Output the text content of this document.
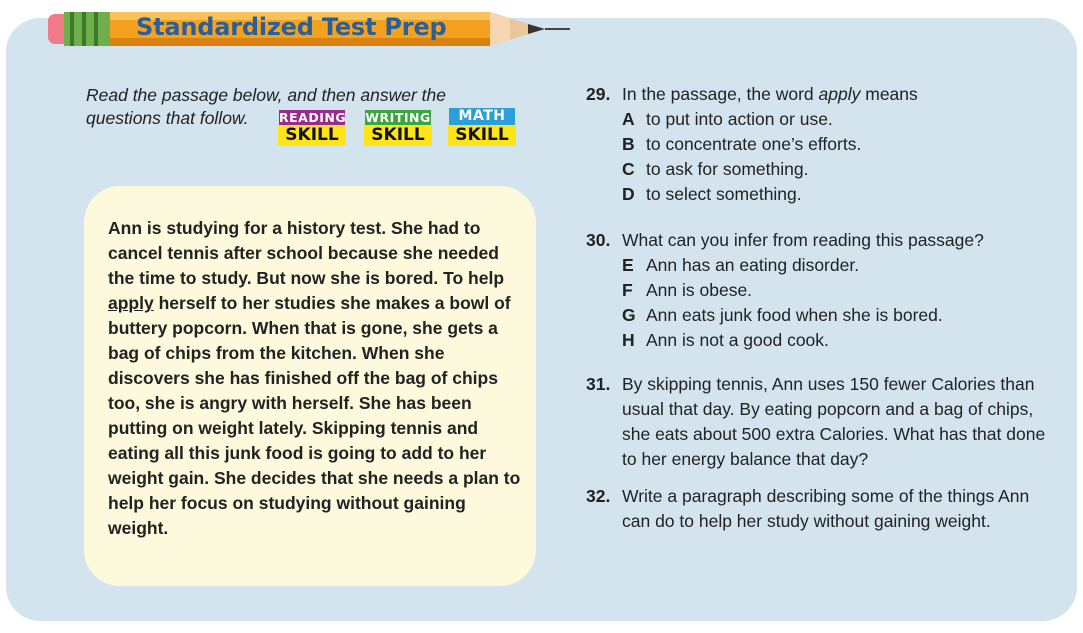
Standardized Test Prep
Read the passage below, and then answer the questions that follow.	READING
SKILL
WRITING
SKILL
MATH
SKILL
Ann is studying for a history test. She had to cancel tennis after school because she needed the time to study. But now she is bored. To help apply herself to her studies she makes a bowl of buttery popcorn. When that is gone, she gets a bag of chips from the kitchen. When she discovers she has finished off the bag of chips too, she is angry with herself. She has been putting on weight lately. Skipping tennis and eating all this junk food is going to add to her weight gain. She decides that she needs a plan to help her focus on studying without gaining weight.
29. In the passage, the word apply means
A to put into action or use.
B to concentrate one’s efforts.
C to ask for something.
D to select something.
30. What can you infer from reading this passage?
E Ann has an eating disorder.
F Ann is obese.
G Ann eats junk food when she is bored.
H Ann is not a good cook.
31. By skipping tennis, Ann uses 150 fewer Calories than usual that day. By eating popcorn and a bag of chips, she eats about 500 extra Calories. What has that done to her energy balance that day?
32. Write a paragraph describing some of the things Ann can do to help her study without gaining weight.
